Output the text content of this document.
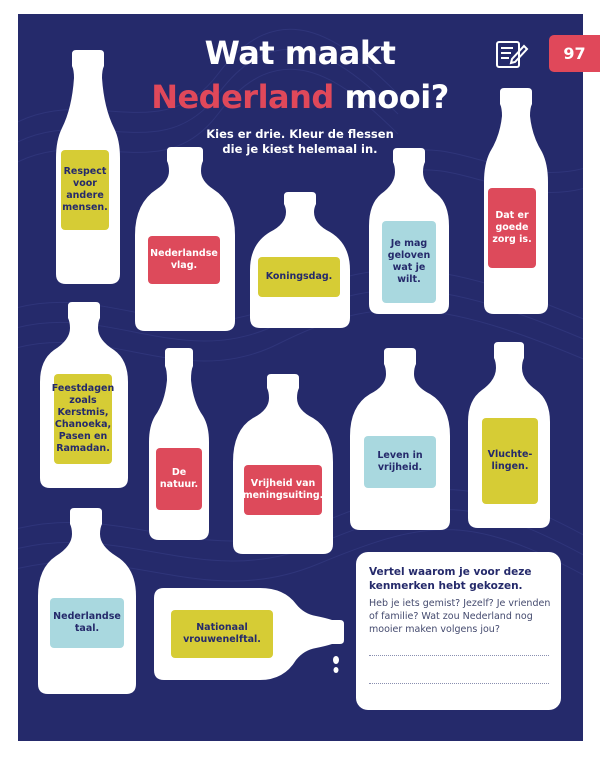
Wat maakt
Nederland mooi?
Kies er drie. Kleur de flessen
die je kiest helemaal in.
97
Respect
voor
andere
mensen.
Nederlandse
vlag.
Koningsdag.
Je mag
geloven
wat je wilt.
Dat er
goede
zorg is.
Feestdagen
zoals
Kerstmis,
Chanoeka,
Pasen en
Ramadan.
De
natuur.	Vrijheid van
meningsuiting.
Leven in
vrijheid.
Vluchte-
lingen.
Nederlandse
taal.	Nationaal
vrouwenelftal.
Vertel waarom je voor deze kenmerken hebt gekozen.
Heb je iets gemist? Jezelf? Je vrienden of familie? Wat zou Nederland nog mooier maken volgens jou?
